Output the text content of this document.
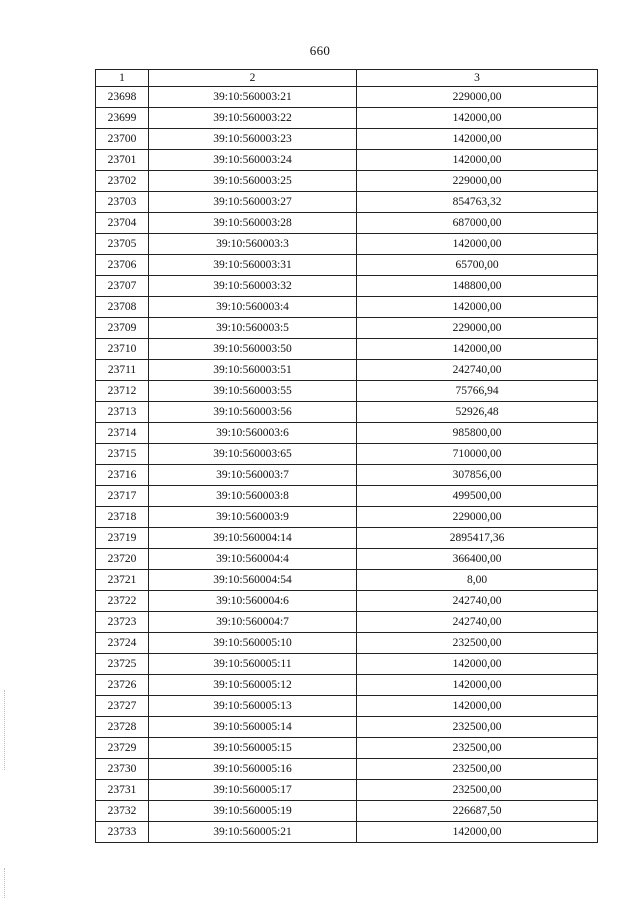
660
1	2	3
23698	39:10:560003:21	229000,00
23699	39:10:560003:22	142000,00
23700	39:10:560003:23	142000,00
23701	39:10:560003:24	142000,00
23702	39:10:560003:25	229000,00
23703	39:10:560003:27	854763,32
23704	39:10:560003:28	687000,00
23705	39:10:560003:3	142000,00
23706	39:10:560003:31	65700,00
23707	39:10:560003:32	148800,00
23708	39:10:560003:4	142000,00
23709	39:10:560003:5	229000,00
23710	39:10:560003:50	142000,00
23711	39:10:560003:51	242740,00
23712	39:10:560003:55	75766,94
23713	39:10:560003:56	52926,48
23714	39:10:560003:6	985800,00
23715	39:10:560003:65	710000,00
23716	39:10:560003:7	307856,00
23717	39:10:560003:8	499500,00
23718	39:10:560003:9	229000,00
23719	39:10:560004:14	2895417,36
23720	39:10:560004:4	366400,00
23721	39:10:560004:54	8,00
23722	39:10:560004:6	242740,00
23723	39:10:560004:7	242740,00
23724	39:10:560005:10	232500,00
23725	39:10:560005:11	142000,00
23726	39:10:560005:12	142000,00
23727	39:10:560005:13	142000,00
23728	39:10:560005:14	232500,00
23729	39:10:560005:15	232500,00
23730	39:10:560005:16	232500,00
23731	39:10:560005:17	232500,00
23732	39:10:560005:19	226687,50
23733	39:10:560005:21	142000,00
